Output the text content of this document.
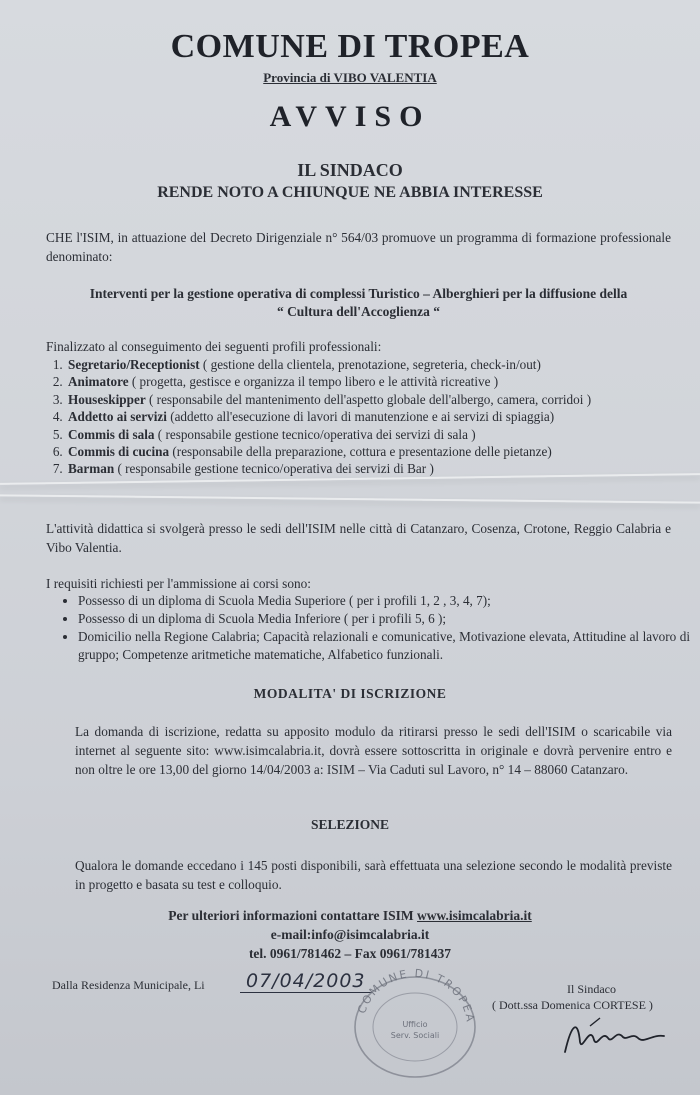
COMUNE DI TROPEA
Provincia di VIBO VALENTIA
AVVISO
IL SINDACO
RENDE NOTO A CHIUNQUE NE ABBIA INTERESSE

CHE l'ISIM, in attuazione del Decreto Dirigenziale n° 564/03 promuove un programma di formazione professionale denominato:

Interventi per la gestione operativa di complessi Turistico – Alberghieri per la diffusione della
“ Cultura dell'Accoglienza “
Finalizzato al conseguimento dei seguenti profili professionali:
1. Segretario/Receptionist ( gestione della clientela, prenotazione, segreteria, check-in/out)
2. Animatore ( progetta, gestisce e organizza il tempo libero e le attività ricreative )
3. Houseskipper ( responsabile del mantenimento dell'aspetto globale dell'albergo, camera, corridoi )
4. Addetto ai servizi (addetto all'esecuzione di lavori di manutenzione e ai servizi di spiaggia)
5. Commis di sala ( responsabile gestione tecnico/operativa dei servizi di sala )
6. Commis di cucina (responsabile della preparazione, cottura e presentazione delle pietanze)
7. Barman ( responsabile gestione tecnico/operativa dei servizi di Bar )

L'attività didattica si svolgerà presso le sedi dell'ISIM nelle città di Catanzaro, Cosenza, Crotone, Reggio Calabria e Vibo Valentia.

I requisiti richiesti per l'ammissione ai corsi sono:
• Possesso di un diploma di Scuola Media Superiore ( per i profili 1, 2 , 3, 4, 7);
• Possesso di un diploma di Scuola Media Inferiore ( per i profili 5, 6 );
• Domicilio nella Regione Calabria; Capacità relazionali e comunicative, Motivazione elevata, Attitudine al lavoro di gruppo; Competenze aritmetiche matematiche, Alfabetico funzionali.
MODALITA' DI ISCRIZIONE

La domanda di iscrizione, redatta su apposito modulo da ritirarsi presso le sedi dell'ISIM o scaricabile via internet al seguente sito: www.isimcalabria.it, dovrà essere sottoscritta in originale e dovrà pervenire entro e non oltre le ore 13,00 del giorno 14/04/2003 a: ISIM – Via Caduti sul Lavoro, n° 14 – 88060 Catanzaro.

SELEZIONE

Qualora le domande eccedano i 145 posti disponibili, sarà effettuata una selezione secondo le modalità previste in progetto e basata su test e colloquio.

Per ulteriori informazioni contattare ISIM www.isimcalabria.it
e-mail:info@isimcalabria.it
tel. 0961/781462 – Fax 0961/781437
Dalla Residenza Municipale, Li	07/04/2003	Il Sindaco
( Dott.ssa Domenica CORTESE )
COMUNE DI TROPEA
Ufficio
Serv. Sociali
